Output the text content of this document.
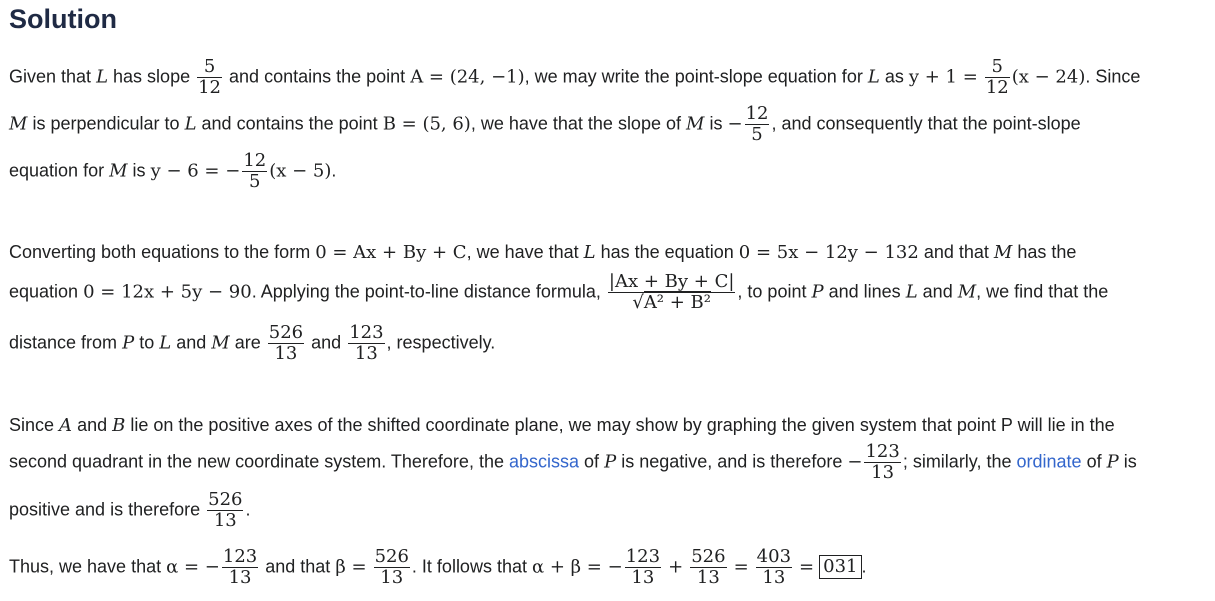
Solution
Given that L has slope $\frac{5}{12}$ and contains the point A = (24, −1), we may write the point-slope equation for L as $y + 1 = \frac{5}{12} (x - 24)$. Since
M is perpendicular to L and contains the point B = (5, 6), we have that the slope of M is − $\frac{12}{5}$ , and consequently that the point-slope
equation for M is y − 6 = − $\frac{12}{5} (x - 5)$.
Converting both equations to the form 0 = Ax + By + C, we have that L has the equation 0 = 5x − 12y − 132 and that M has the
equation 0 = 12x + 5y − 90. Applying the point-to-line distance formula, $\frac{|Ax + By + C|}{\text{√A² + B²}}$ , to point P and lines L and M, we find that the
distance from P to L and M are $\frac{526}{13}$ and $\frac{123}{13}$ , respectively.
Since A and B lie on the positive axes of the shifted coordinate plane, we may show by graphing the given system that point P will lie in the
second quadrant in the new coordinate system. Therefore, the abscissa of P is negative, and is therefore − $\frac{123}{13}$ ; similarly, the ordinate of P is
positive and is therefore $\frac{526}{13}$ .
Thus, we have that α = − $\frac{123}{13}$ and that $\beta = \frac{526}{13}$ . It follows that α + β = − $\frac{123}{13} + \frac{526}{13} = \frac{403}{13} = 031$ .
